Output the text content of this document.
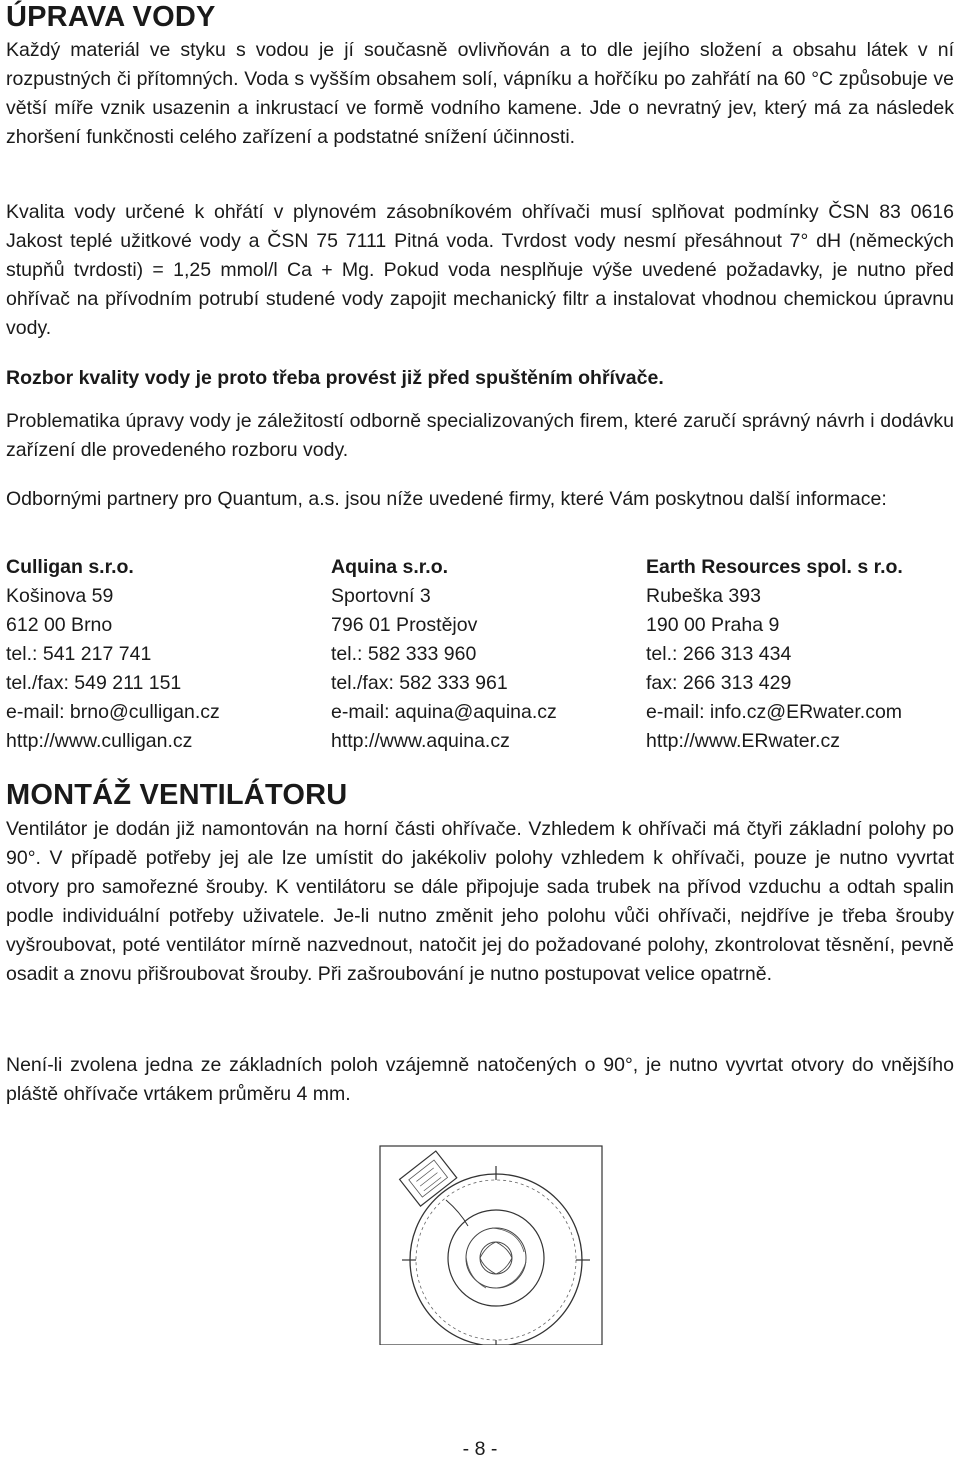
ÚPRAVA VODY

Každý materiál ve styku s vodou je jí současně ovlivňován a to dle jejího složení a obsahu látek v ní rozpustných či přítomných. Voda s vyšším obsahem solí, vápníku a hořčíku po zahřátí na 60 °C způsobuje ve větší míře vznik usazenin a inkrustací ve formě vodního kamene. Jde o nevratný jev, který má za následek zhoršení funkčnosti celého zařízení a podstatné snížení účinnosti.

Kvalita vody určené k ohřátí v plynovém zásobníkovém ohřívači musí splňovat podmínky ČSN 83 0616 Jakost teplé užitkové vody a ČSN 75 7111 Pitná voda. Tvrdost vody nesmí přesáhnout 7° dH (německých stupňů tvrdosti) = 1,25 mmol/l Ca + Mg. Pokud voda nesplňuje výše uvedené požadavky, je nutno před ohřívač na přívodním potrubí studené vody zapojit mechanický filtr a instalovat vhodnou chemickou úpravnu vody.

Rozbor kvality vody je proto třeba provést již před spuštěním ohřívače.

Problematika úpravy vody je záležitostí odborně specializovaných firem, které zaručí správný návrh i dodávku zařízení dle provedeného rozboru vody.

Odbornými partnery pro Quantum, a.s. jsou níže uvedené firmy, které Vám poskytnou další informace:

Culligan s.r.o.
Košinova 59
612 00 Brno
tel.: 541 217 741
tel./fax: 549 211 151
e-mail: brno@culligan.cz
http://www.culligan.cz
Aquina s.r.o.
Sportovní 3
796 01 Prostějov
tel.: 582 333 960
tel./fax: 582 333 961
e-mail: aquina@aquina.cz
http://www.aquina.cz
Earth Resources spol. s r.o.
Rubeška 393
190 00 Praha 9
tel.: 266 313 434
fax: 266 313 429
e-mail: info.cz@ERwater.com
http://www.ERwater.cz
MONTÁŽ VENTILÁTORU

Ventilátor je dodán již namontován na horní části ohřívače. Vzhledem k ohřívači má čtyři základní polohy po 90°. V případě potřeby jej ale lze umístit do jakékoliv polohy vzhledem k ohřívači, pouze je nutno vyvrtat otvory pro samořezné šrouby. K ventilátoru se dále připojuje sada trubek na přívod vzduchu a odtah spalin podle individuální potřeby uživatele. Je-li nutno změnit jeho polohu vůči ohřívači, nejdříve je třeba šrouby vyšroubovat, poté ventilátor mírně nazvednout, natočit jej do požadované polohy, zkontrolovat těsnění, pevně osadit a znovu přišroubovat šrouby. Při zašroubování je nutno postupovat velice opatrně.

Není-li zvolena jedna ze základních poloh vzájemně natočených o 90°, je nutno vyvrtat otvory do vnějšího pláště ohřívače vrtákem průměru 4 mm.

- 8 -
